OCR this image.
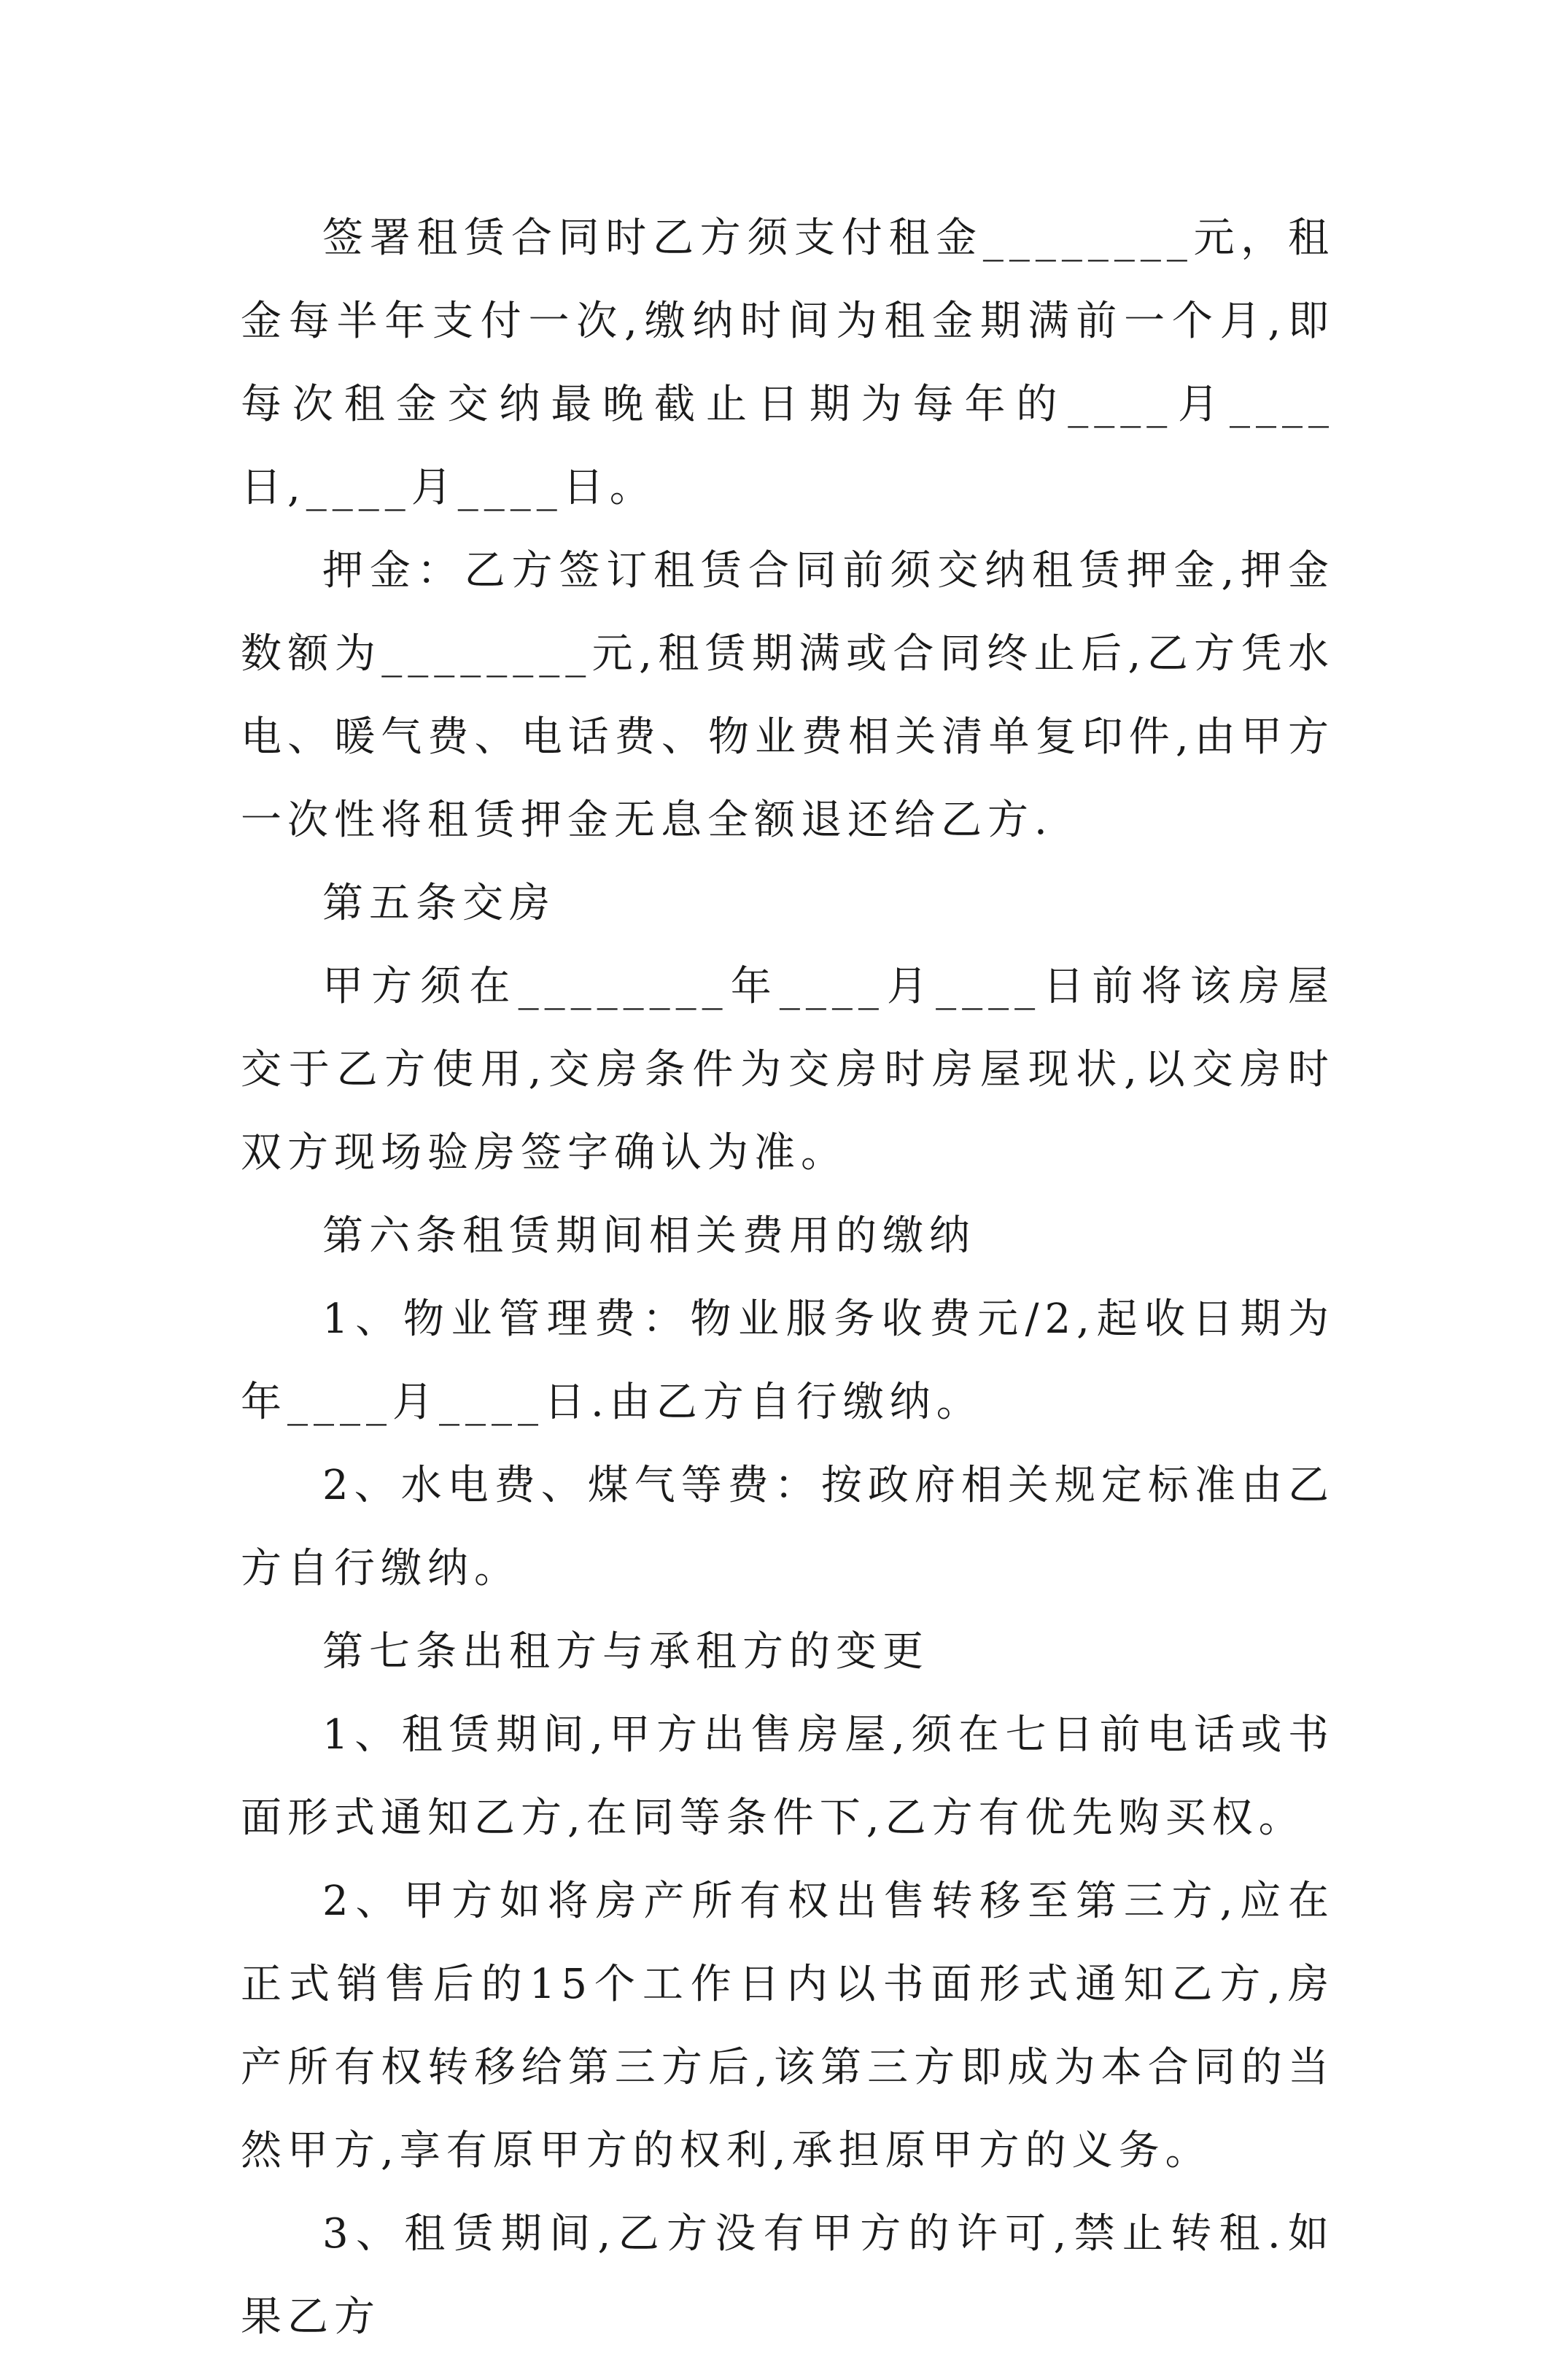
签署租赁合同时乙方须支付租金________元，租金每半年支付一次,缴纳时间为租金期满前一个月,即每次租金交纳最晚截止日期为每年的____月____日,____月____日。

押金：乙方签订租赁合同前须交纳租赁押金,押金数额为________元,租赁期满或合同终止后,乙方凭水电、暖气费、电话费、物业费相关清单复印件,由甲方一次性将租赁押金无息全额退还给乙方.

第五条交房

甲方须在________年____月____日前将该房屋交于乙方使用,交房条件为交房时房屋现状,以交房时双方现场验房签字确认为准。

第六条租赁期间相关费用的缴纳

1、物业管理费：物业服务收费元/2,起收日期为年____月____日.由乙方自行缴纳。

2、水电费、煤气等费：按政府相关规定标准由乙方自行缴纳。

第七条出租方与承租方的变更

1、租赁期间,甲方出售房屋,须在七日前电话或书面形式通知乙方,在同等条件下,乙方有优先购买权。

2、甲方如将房产所有权出售转移至第三方,应在正式销售后的15个工作日内以书面形式通知乙方,房产所有权转移给第三方后,该第三方即成为本合同的当然甲方,享有原甲方的权利,承担原甲方的义务。

3、租赁期间,乙方没有甲方的许可,禁止转租.如果乙方
